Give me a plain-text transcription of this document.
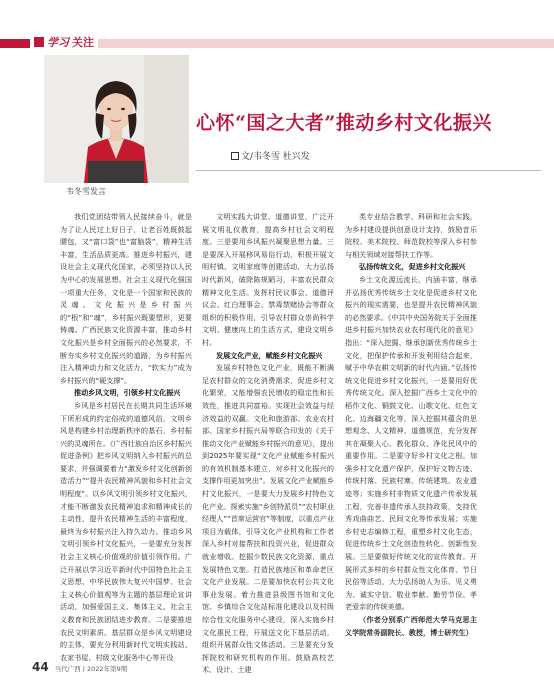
学习 关注
韦冬雪发言
心怀“国之大者”推动乡村文化振兴
文/韦冬雪 杜兴发

我们党团结带领人民接续奋斗，就是为了让人民过上好日子，让老百姓既鼓起腰包，又“富口袋”也“富脑袋”，精神生活丰富，生活品质更高。推进乡村振兴，建设社会主义现代化国家，必须坚持以人民为中心的发展思想。社会主义现代化强国一项重大任务，文化是一个国家和民族的灵魂。文化振兴是乡村振兴的“根”和“魂”，乡村振兴既要塑形，更要铸魂。广西民族文化资源丰富，推动乡村文化振兴是乡村全面振兴的必然要求，不断夯实乡村文化振兴的道路，为乡村振兴注入精神动力和文化活力，“软实力”成为乡村振兴的“硬支撑”。

推动乡风文明，引领乡村文化振兴

乡风是乡村居民在长期共同生活环境下所形成的约定俗成的道德风俗，文明乡风是构建乡村治理新秩序的基石，乡村振兴的灵魂所在。《广西壮族自治区乡村振兴促进条例》把乡风文明纳入乡村振兴的总要求，并强调要着力“激发乡村文化创新创造活力”“提升农民精神风貌和乡村社会文明程度”。以乡风文明引领乡村文化振兴，才能不断激发农民精神追求和精神成长的主动性，提升农民精神生活的丰富程度，最终为乡村振兴注入持久动力。推动乡风文明引领乡村文化振兴，一是要充分发挥社会主义核心价值观的价值引领作用。广泛开展以学习近平新时代中国特色社会主义思想、中华民族伟大复兴中国梦、社会主义核心价值观等为主题的基层理论宣讲活动，加强爱国主义、集体主义、社会主义教育和民族团结进步教育。二是要推进农民文明素质。基层群众是乡风文明建设的主体，要充分利用新时代文明实践站、农家书屋、村级文化服务中心等开设

文明实践大讲堂、道德讲堂，广泛开展文明礼仪教育，提高乡村社会文明程度。三是要用乡风振兴凝聚思想力量。三是要深入开展移风易俗行动，积极开展文明村镇、文明家庭等创建活动，大力弘扬时代新风，破除陈规陋习，丰富农民群众精神文化生活。发挥村民议事会、道德评议会、红白理事会、禁毒禁赌协会等群众组织的积极作用，引导农村群众崇尚科学文明、健康向上的生活方式，建设文明乡村。

发展文化产业，赋能乡村文化振兴

发展乡村特色文化产业，既能不断满足农村群众的文化消费需求，促进乡村文化繁荣，又能增强农民增收的稳定性和长效性，推进共同富裕。实现社会效益与经济效益的双赢。文化和旅游部、农业农村部、国家乡村振兴局等联合印发的《关于推动文化产业赋能乡村振兴的意见》，提出到2025年要实现“文化产业赋能乡村振兴的有效机制基本建立，对乡村文化振兴的支撑作用更加突出”。发展文化产业赋能乡村文化振兴，一是要大力发展乡村特色文化产业。探索实施“乡创特派员”“农村职业经理人”“首席运营官”等制度，以重点产业项目为载体，引导文化产业机构和工作者深入乡村对接帮扶和投资兴业，促进群众就业增收。挖掘少数民族文化资源，重点发展特色文旅。打造民族地区和革命老区文化产业发展。二是要加快农村公共文化事业发展。着力推进县级图书馆和文化馆、乡镇综合文化站标准化建设以及村级综合性文化服务中心建设，深入实施乡村文化惠民工程，开展送文化下基层活动，组织开展群众性文体活动。三是要充分发挥院校和研究机构的作用。鼓励高校艺术、设计、土建

类专业结合教学、科研和社会实践，为乡村建设提供创意设计支持，鼓励音乐院校、美术院校、师范院校等深入乡村参与相关领域对接帮扶工作等。

弘扬传统文化，促进乡村文化振兴

乡土文化源远流长，内涵丰富，继承并弘扬优秀传统乡土文化是促进乡村文化振兴的现实需要，也是提升农民精神风貌的必然要求。《中共中央国务院关于全面推进乡村振兴加快农业农村现代化的意见》指出：“深入挖掘、继承创新优秀传统乡土文化，把保护传承和开发利用结合起来，赋予中华农耕文明新的时代内涵。”弘扬传统文化促进乡村文化振兴，一是要用好优秀传统文化。深入挖掘广西乡土文化中的稻作文化、铜鼓文化、山歌文化、红色文化、边海疆文化等，深入挖掘其蕴含的思想观念、人文精神、道德规范，充分发挥其在凝聚人心、教化群众、净化民风中的重要作用。二是要守好乡村文化之根。加强乡村文化遗产保护，保护好文物古迹、传统村落、民族村寨、传统建筑、农业遗迹等；实施乡村非物质文化遗产传承发展工程，完善非遗传承人扶持政策，支持优秀戏曲曲艺、民间文化等传承发展；实施乡村史志编修工程，重塑乡村文化生态，促进传统乡土文化创造性转化、创新性发展。三是要做好传统文化的宣传教育。开展形式多样的乡村群众性文化体育、节日民俗等活动，大力弘扬助人为乐、见义勇为、诚实守信、敬业奉献、勤劳节俭、孝老爱亲的传统美德。

（作者分别系广西师范大学马克思主义学院常务副院长、教授，博士研究生）

44 当代广西 | 2022年第9期
